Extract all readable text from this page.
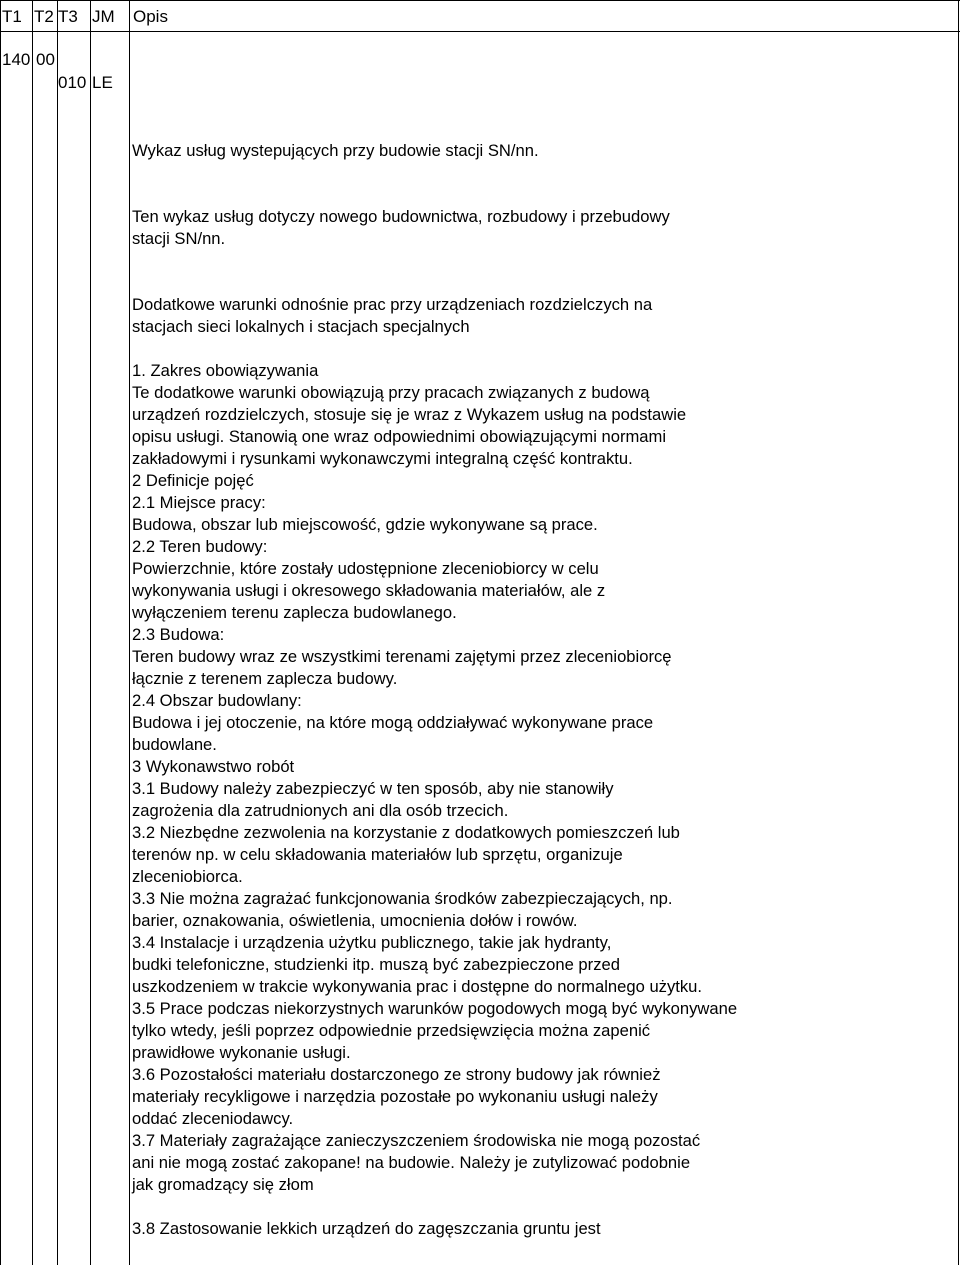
T1 T2 T3 JM Opis
140 00
010 LE
Wykaz usług wystepujących przy budowie stacji SN/nn.
Ten wykaz usług dotyczy nowego budownictwa, rozbudowy i przebudowy
stacji SN/nn.
Dodatkowe warunki odnośnie prac przy urządzeniach rozdzielczych na
stacjach sieci lokalnych i stacjach specjalnych
1. Zakres obowiązywania
Te dodatkowe warunki obowiązują przy pracach związanych z budową
urządzeń rozdzielczych, stosuje się je wraz z Wykazem usług na podstawie
opisu usługi. Stanowią one wraz odpowiednimi obowiązującymi normami
zakładowymi i rysunkami wykonawczymi integralną część kontraktu.
2 Definicje pojęć
2.1 Miejsce pracy:
Budowa, obszar lub miejscowość, gdzie wykonywane są prace.
2.2 Teren budowy:
Powierzchnie, które zostały udostępnione zleceniobiorcy w celu
wykonywania usługi i okresowego składowania materiałów, ale z
wyłączeniem terenu zaplecza budowlanego.
2.3 Budowa:
Teren budowy wraz ze wszystkimi terenami zajętymi przez zleceniobiorcę
łącznie z terenem zaplecza budowy.
2.4 Obszar budowlany:
Budowa i jej otoczenie, na które mogą oddziaływać wykonywane prace
budowlane.
3 Wykonawstwo robót
3.1 Budowy należy zabezpieczyć w ten sposób, aby nie stanowiły
zagrożenia dla zatrudnionych ani dla osób trzecich.
3.2 Niezbędne zezwolenia na korzystanie z dodatkowych pomieszczeń lub
terenów np. w celu składowania materiałów lub sprzętu, organizuje
zleceniobiorca.
3.3 Nie można zagrażać funkcjonowania środków zabezpieczających, np.
barier, oznakowania, oświetlenia, umocnienia dołów i rowów.
3.4 Instalacje i urządzenia użytku publicznego, takie jak hydranty,
budki telefoniczne, studzienki itp. muszą być zabezpieczone przed
uszkodzeniem w trakcie wykonywania prac i dostępne do normalnego użytku.
3.5 Prace podczas niekorzystnych warunków pogodowych mogą być wykonywane
tylko wtedy, jeśli poprzez odpowiednie przedsięwzięcia można zapenić
prawidłowe wykonanie usługi.
3.6 Pozostałości materiału dostarczonego ze strony budowy jak również
materiały recykligowe i narzędzia pozostałe po wykonaniu usługi należy
oddać zleceniodawcy.
3.7 Materiały zagrażające zanieczyszczeniem środowiska nie mogą pozostać
ani nie mogą zostać zakopane! na budowie. Należy je zutylizować podobnie
jak gromadzący się złom
3.8 Zastosowanie lekkich urządzeń do zagęszczania gruntu jest
